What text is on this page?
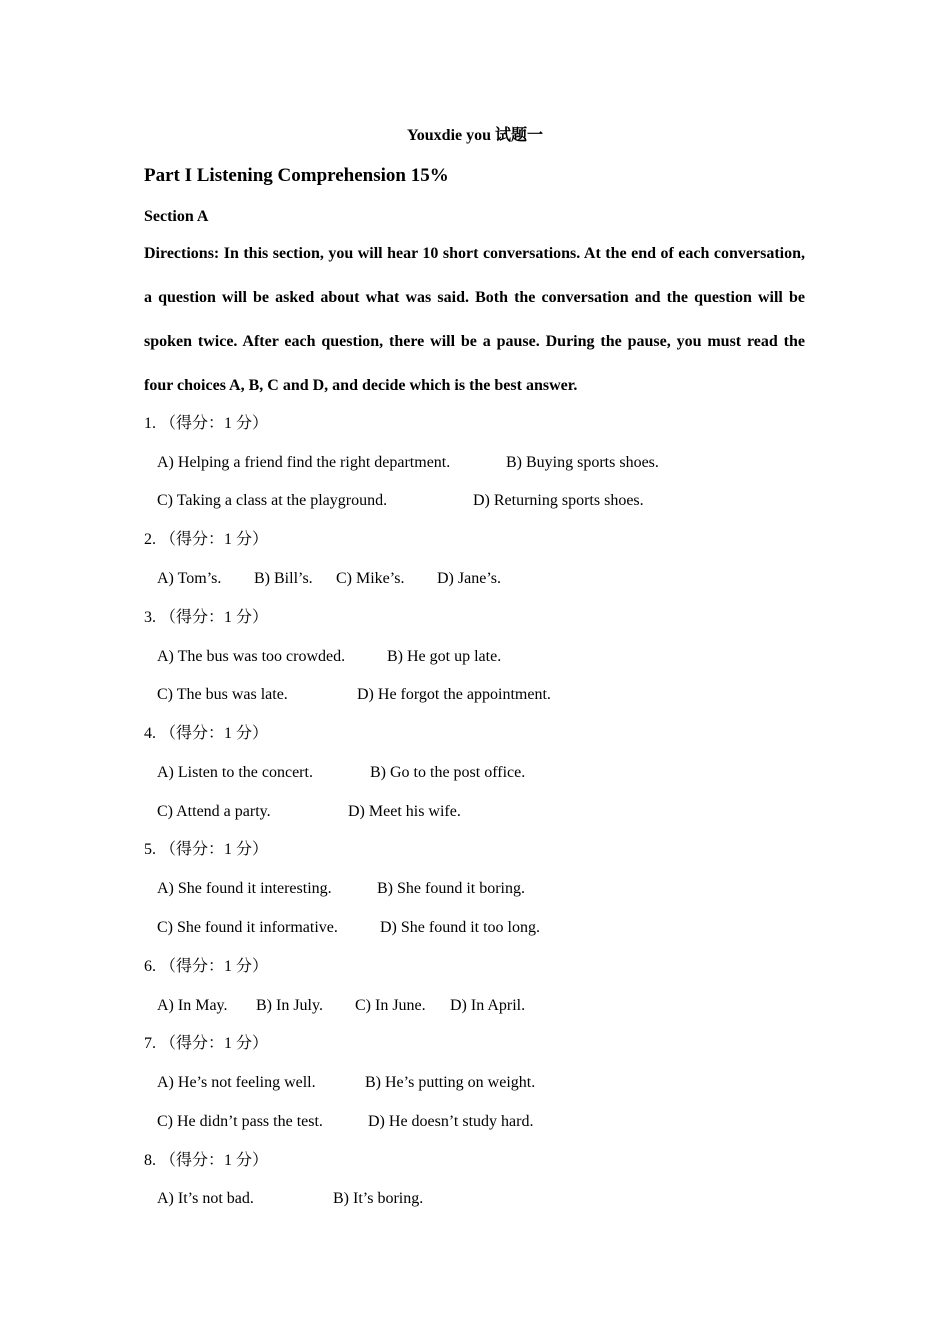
Youxdie you 试题一
Part I Listening Comprehension 15%
Section A

Directions: In this section, you will hear 10 short conversations. At the end of each conversation, a question will be asked about what was said. Both the conversation and the question will be spoken twice. After each question, there will be a pause. During the pause, you must read the four choices A, B, C and D, and decide which is the best answer.

1. （得分：1 分）
A) Helping a friend find the right department.	B) Buying sports shoes.
C) Taking a class at the playground.	D) Returning sports shoes.
2. （得分：1 分）
A) Tom’s. B) Bill’s. C) Mike’s. D) Jane’s.
3. （得分：1 分）
A) The bus was too crowded.	B) He got up late.
C) The bus was late.	D) He forgot the appointment.
4. （得分：1 分）
A) Listen to the concert.	B) Go to the post office.
C) Attend a party.	D) Meet his wife.
5. （得分：1 分）
A) She found it interesting.	B) She found it boring.
C) She found it informative.	D) She found it too long.
6. （得分：1 分）
A) In May. B) In July. C) In June. D) In April.
7. （得分：1 分）
A) He’s not feeling well.	B) He’s putting on weight.
C) He didn’t pass the test.	D) He doesn’t study hard.
8. （得分：1 分）
A) It’s not bad.	B) It’s boring.
